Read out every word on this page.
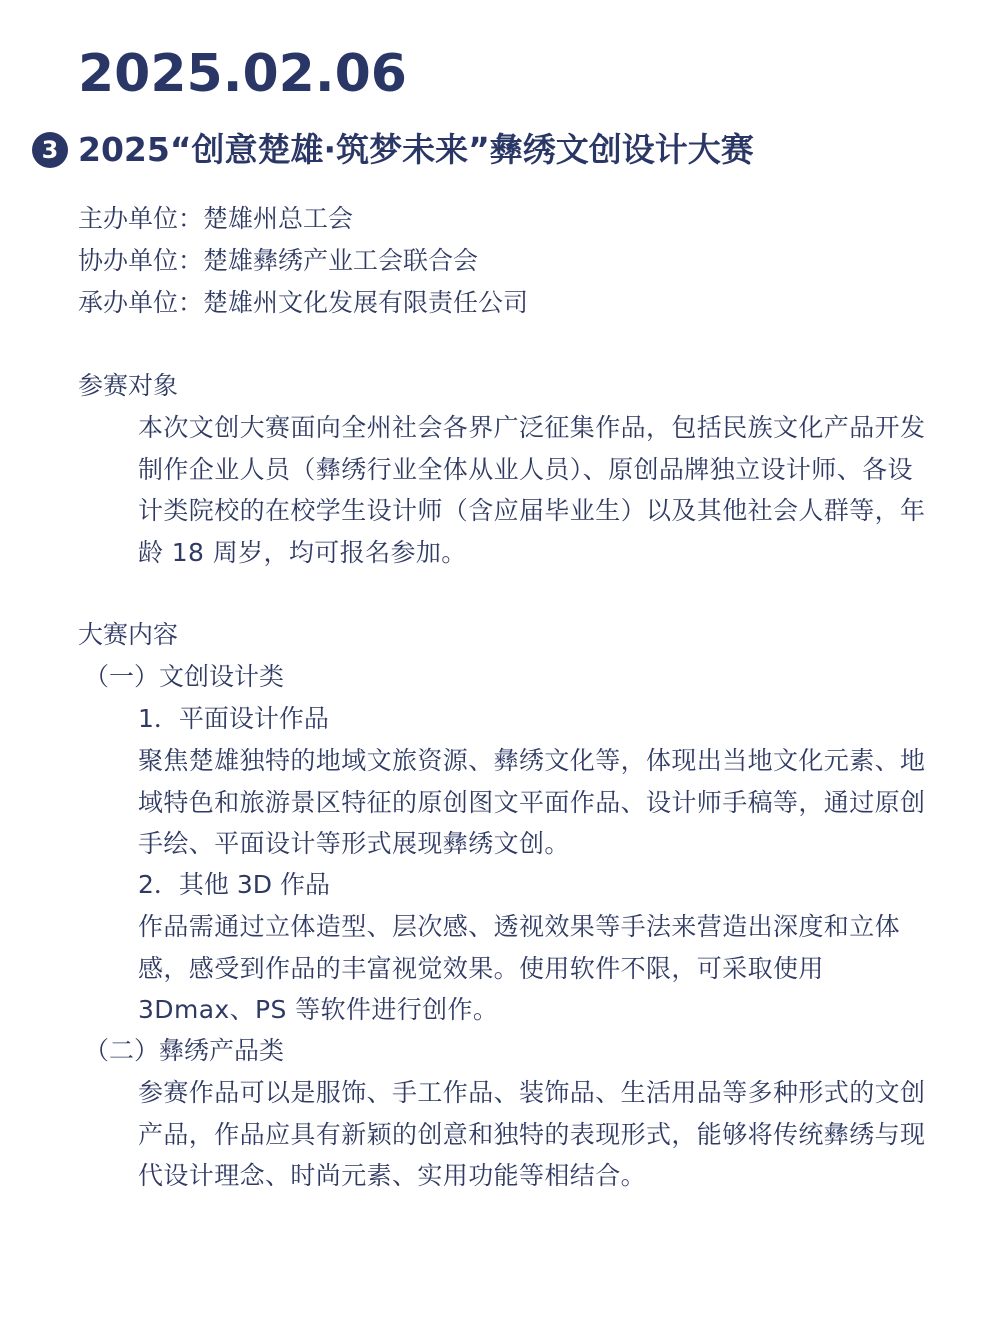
2025.02.06
3 2025“创意楚雄·筑梦未来”彝绣文创设计大赛
主办单位：楚雄州总工会
协办单位：楚雄彝绣产业工会联合会
承办单位：楚雄州文化发展有限责任公司
参赛对象
本次文创大赛面向全州社会各界广泛征集作品，包括民族文化产品开发制作企业人员（彝绣行业全体从业人员）、原创品牌独立设计师、各设计类院校的在校学生设计师（含应届毕业生）以及其他社会人群等，年龄 18 周岁，均可报名参加。
大赛内容
（一）文创设计类
1．平面设计作品
聚焦楚雄独特的地域文旅资源、彝绣文化等，体现出当地文化元素、地域特色和旅游景区特征的原创图文平面作品、设计师手稿等，通过原创手绘、平面设计等形式展现彝绣文创。
2．其他 3D 作品
作品需通过立体造型、层次感、透视效果等手法来营造出深度和立体感，感受到作品的丰富视觉效果。使用软件不限，可采取使用3Dmax、PS 等软件进行创作。
（二）彝绣产品类
参赛作品可以是服饰、手工作品、装饰品、生活用品等多种形式的文创产品，作品应具有新颖的创意和独特的表现形式，能够将传统彝绣与现代设计理念、时尚元素、实用功能等相结合。
